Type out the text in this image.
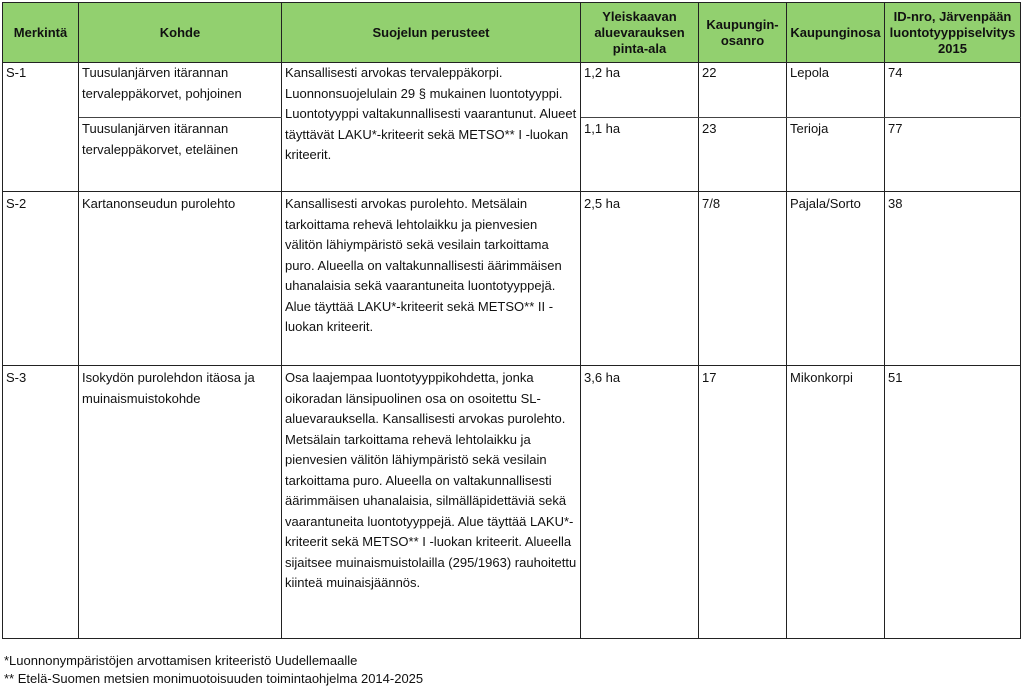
Merkintä	Kohde	Suojelun perusteet	Yleiskaavan aluevarauksen pinta-ala	Kaupungin-osanro	Kaupunginosa	ID-nro, Järvenpään luontotyyppiselvitys 2015
S-1	Tuusulanjärven itärannan tervaleppäkorvet, pohjoinen	Kansallisesti arvokas tervaleppäkorpi. Luonnonsuojelulain 29 § mukainen luontotyyppi. Luontotyyppi valtakunnallisesti vaarantunut. Alueet täyttävät LAKU*-kriteerit sekä METSO** I -luokan kriteerit.	1,2 ha	22	Lepola	74
	Tuusulanjärven itärannan tervaleppäkorvet, eteläinen		1,1 ha	23	Terioja	77
S-2	Kartanonseudun purolehto	Kansallisesti arvokas purolehto. Metsälain tarkoittama rehevä lehtolaikku ja pienvesien välitön lähiympäristö sekä vesilain tarkoittama puro. Alueella on valtakunnallisesti äärimmäisen uhanalaisia sekä vaarantuneita luontotyyppejä. Alue täyttää LAKU*-kriteerit sekä METSO** II -luokan kriteerit.	2,5 ha	7/8	Pajala/Sorto	38
S-3	Isokydön purolehdon itäosa ja muinaismuistokohde	Osa laajempaa luontotyyppikohdetta, jonka oikoradan länsipuolinen osa on osoitettu SL-aluevarauksella. Kansallisesti arvokas purolehto. Metsälain tarkoittama rehevä lehtolaikku ja pienvesien välitön lähiympäristö sekä vesilain tarkoittama puro. Alueella on valtakunnallisesti äärimmäisen uhanalaisia, silmälläpidettäviä sekä vaarantuneita luontotyyppejä. Alue täyttää LAKU*-kriteerit sekä METSO** I -luokan kriteerit. Alueella sijaitsee muinaismuistolailla (295/1963) rauhoitettu kiinteä muinaisjäännös.	3,6 ha	17	Mikonkorpi	51
*Luonnonympäristöjen arvottamisen kriteeristö Uudellemaalle
** Etelä-Suomen metsien monimuotoisuuden toimintaohjelma 2014-2025
